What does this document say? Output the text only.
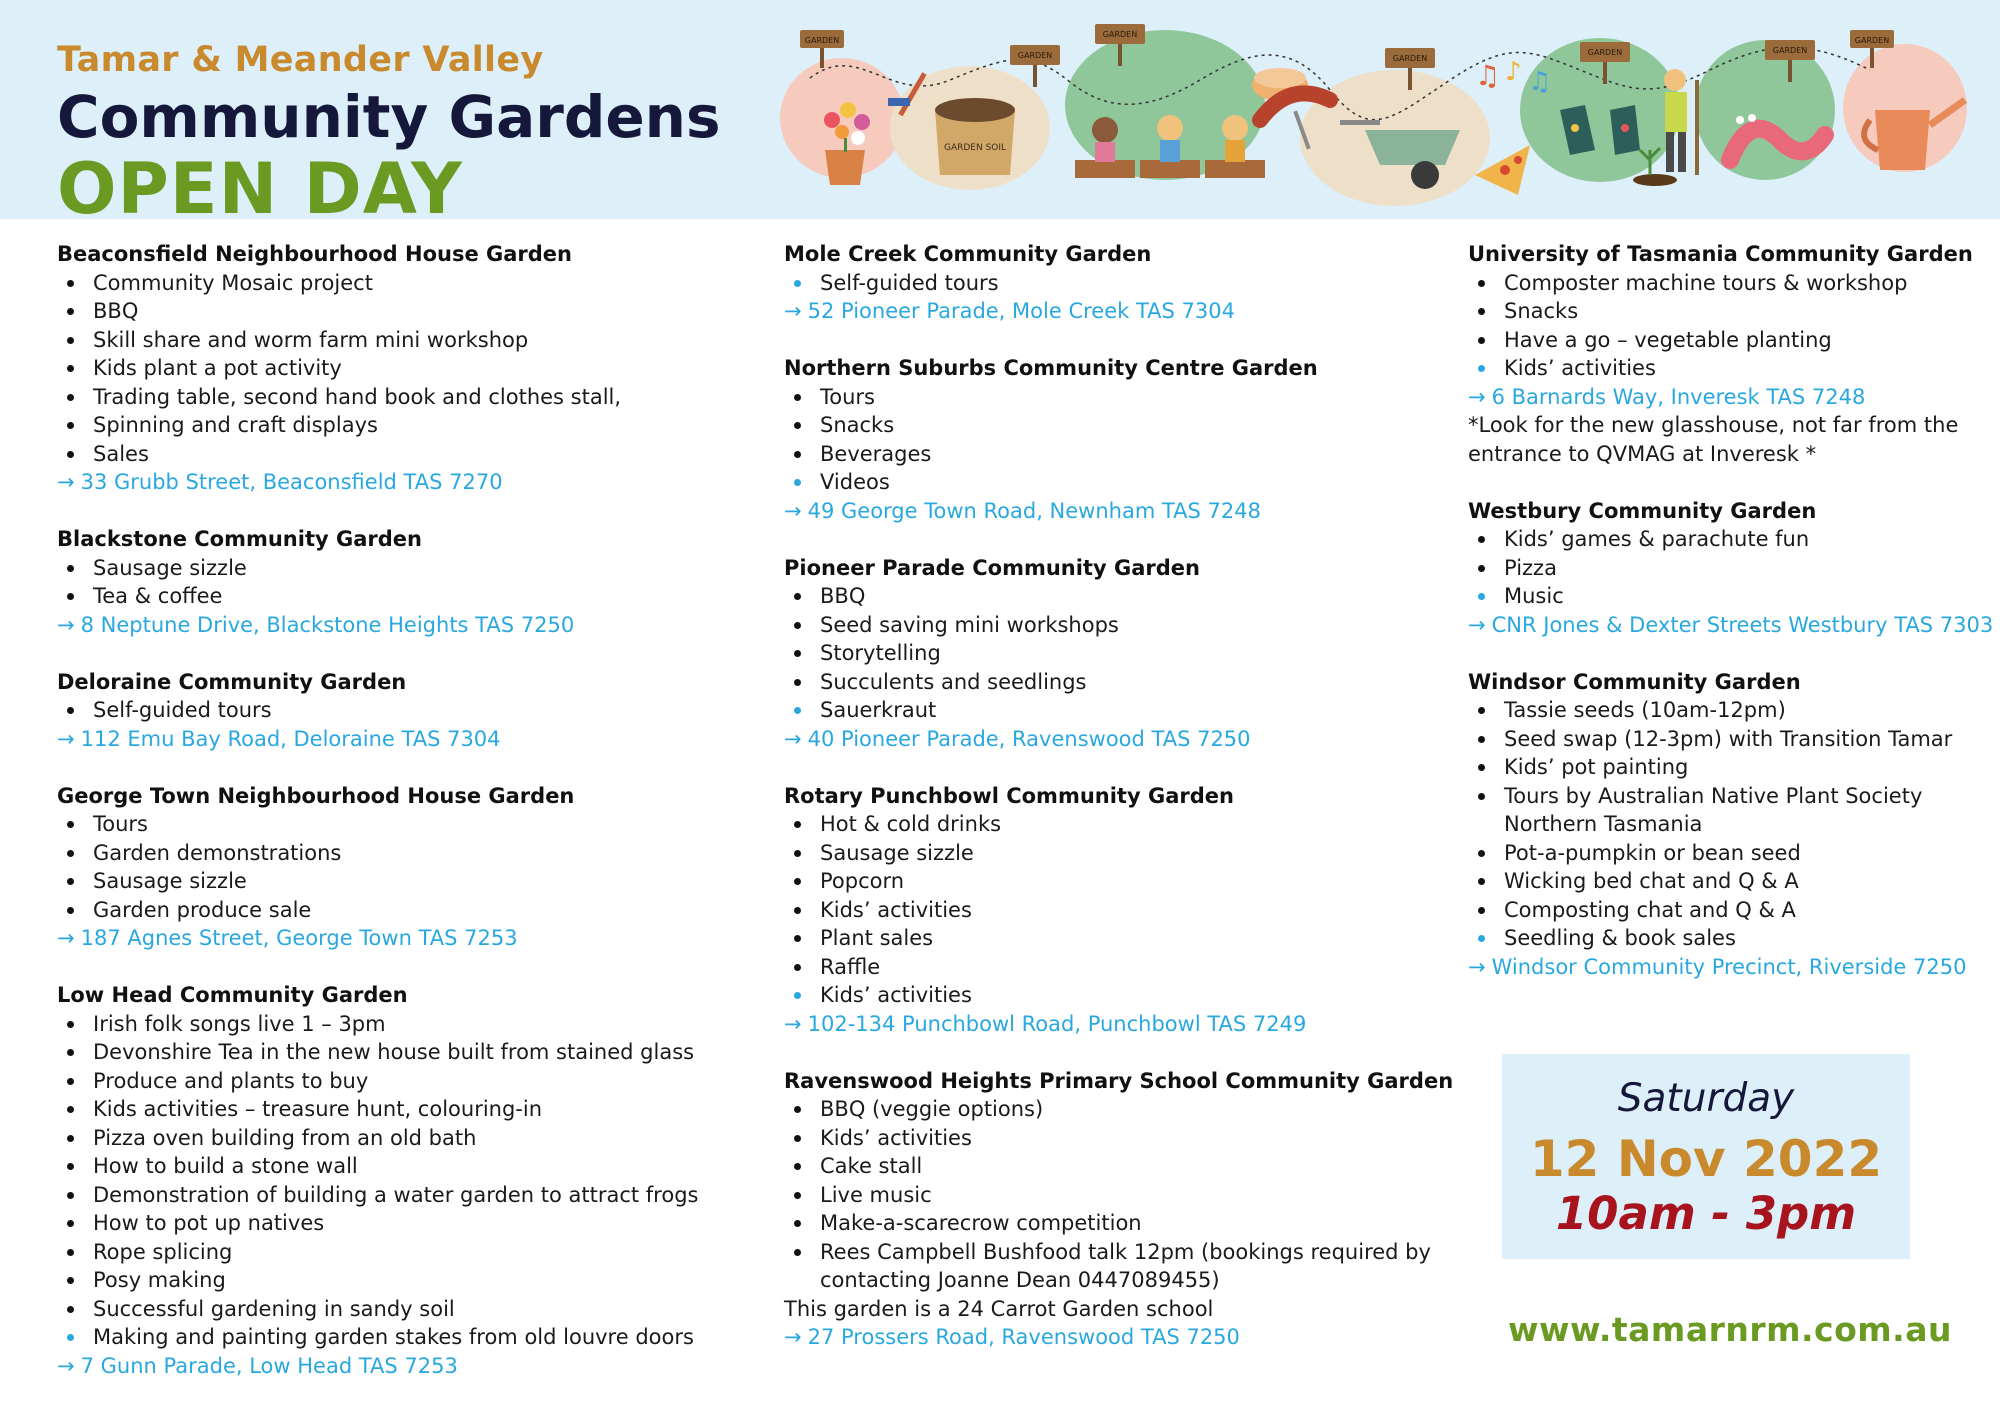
Tamar & Meander Valley
Community Gardens
OPEN DAY
GARDEN
GARDEN
GARDEN
GARDEN
GARDEN	GARDEN
GARDEN
GARDEN SOIL
♫ ♪ ♫
Beaconsfield Neighbourhood House Garden
Community Mosaic project
BBQ
Skill share and worm farm mini workshop
Kids plant a pot activity
Trading table, second hand book and clothes stall,
Spinning and craft displays
Sales
→ 33 Grubb Street, Beaconsfield TAS 7270
Blackstone Community Garden
Sausage sizzle
Tea & coffee
→ 8 Neptune Drive, Blackstone Heights TAS 7250
Deloraine Community Garden
Self-guided tours
→ 112 Emu Bay Road, Deloraine TAS 7304
George Town Neighbourhood House Garden
Tours
Garden demonstrations
Sausage sizzle
Garden produce sale
→ 187 Agnes Street, George Town TAS 7253
Low Head Community Garden
Irish folk songs live 1 – 3pm
Devonshire Tea in the new house built from stained glass
Produce and plants to buy
Kids activities – treasure hunt, colouring-in
Pizza oven building from an old bath
How to build a stone wall
Demonstration of building a water garden to attract frogs
How to pot up natives
Rope splicing
Posy making
Successful gardening in sandy soil
Making and painting garden stakes from old louvre doors
→ 7 Gunn Parade, Low Head TAS 7253
Mole Creek Community Garden
Self-guided tours
→ 52 Pioneer Parade, Mole Creek TAS 7304
Northern Suburbs Community Centre Garden
Tours
Snacks
Beverages
Videos
→ 49 George Town Road, Newnham TAS 7248
Pioneer Parade Community Garden
BBQ
Seed saving mini workshops
Storytelling
Succulents and seedlings
Sauerkraut
→ 40 Pioneer Parade, Ravenswood TAS 7250
Rotary Punchbowl Community Garden
Hot & cold drinks
Sausage sizzle
Popcorn
Kids’ activities
Plant sales
Raffle
Kids’ activities
→ 102-134 Punchbowl Road, Punchbowl TAS 7249
Ravenswood Heights Primary School Community Garden
BBQ (veggie options)
Kids’ activities
Cake stall
Live music
Make-a-scarecrow competition
Rees Campbell Bushfood talk 12pm (bookings required by contacting Joanne Dean 0447089455)
This garden is a 24 Carrot Garden school
→ 27 Prossers Road, Ravenswood TAS 7250
University of Tasmania Community Garden
Composter machine tours & workshop
Snacks
Have a go – vegetable planting
Kids’ activities
→ 6 Barnards Way, Inveresk TAS 7248
*Look for the new glasshouse, not far from the entrance to QVMAG at Inveresk *
Westbury Community Garden
Kids’ games & parachute fun
Pizza
Music
→ CNR Jones & Dexter Streets Westbury TAS 7303
Windsor Community Garden
Tassie seeds (10am-12pm)
Seed swap (12-3pm) with Transition Tamar
Kids’ pot painting
Tours by Australian Native Plant Society Northern Tasmania
Pot-a-pumpkin or bean seed
Wicking bed chat and Q & A
Composting chat and Q & A
Seedling & book sales
→ Windsor Community Precinct, Riverside 7250
Saturday
12 Nov 2022
10am - 3pm
www.tamarnrm.com.au
